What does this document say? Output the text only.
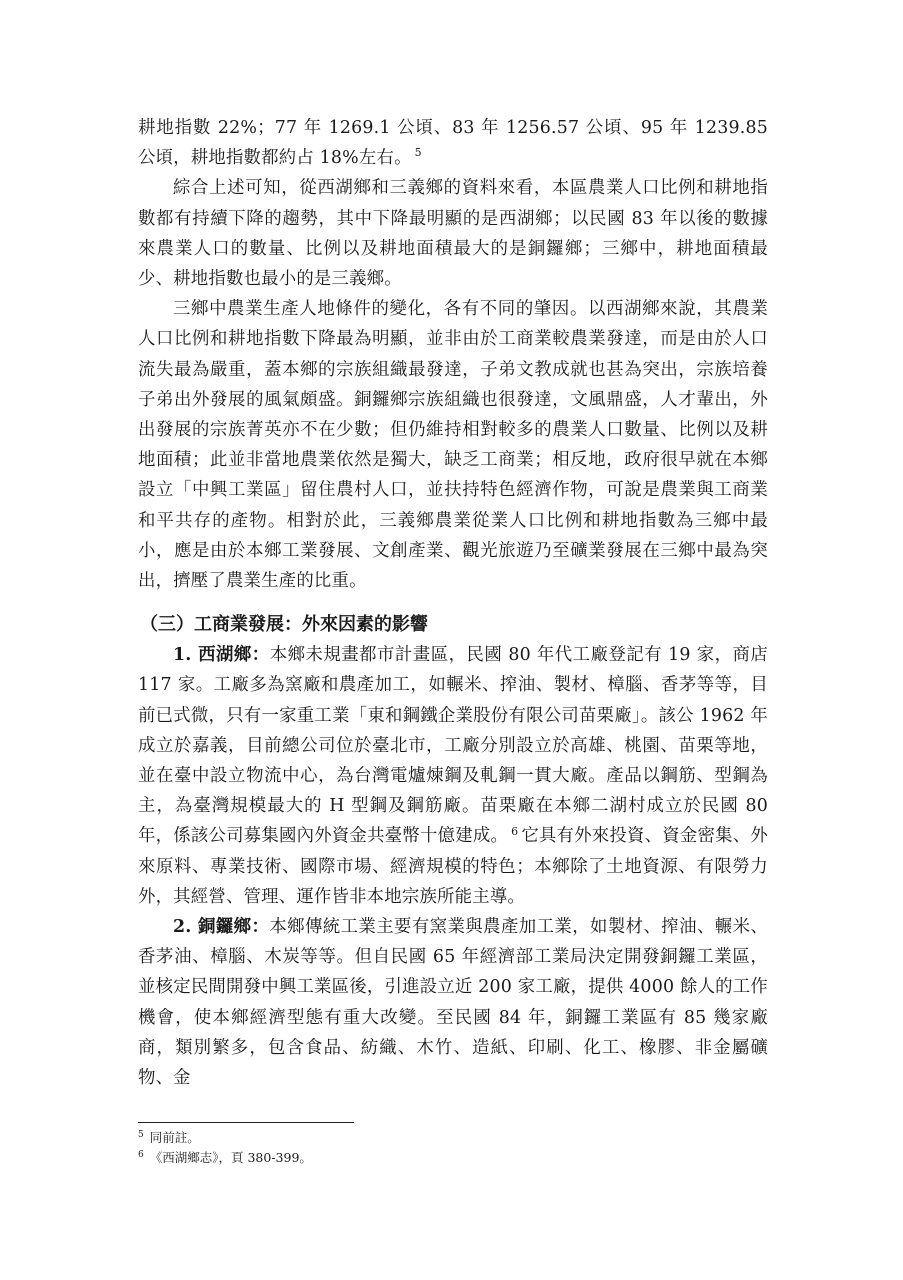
耕地指數 22%；77 年 1269.1 公頃、83 年 1256.57 公頃、95 年 1239.85 公頃，耕地指數都約占 18%左右。 $^5$

綜合上述可知，從西湖鄉和三義鄉的資料來看，本區農業人口比例和耕地指數都有持續下降的趨勢，其中下降最明顯的是西湖鄉；以民國 83 年以後的數據來農業人口的數量、比例以及耕地面積最大的是銅鑼鄉；三鄉中，耕地面積最少、耕地指數也最小的是三義鄉。

三鄉中農業生產人地條件的變化，各有不同的肇因。以西湖鄉來說，其農業人口比例和耕地指數下降最為明顯，並非由於工商業較農業發達，而是由於人口流失最為嚴重，蓋本鄉的宗族組織最發達，子弟文教成就也甚為突出，宗族培養子弟出外發展的風氣頗盛。銅鑼鄉宗族組織也很發達，文風鼎盛，人才輩出，外出發展的宗族菁英亦不在少數；但仍維持相對較多的農業人口數量、比例以及耕地面積；此並非當地農業依然是獨大，缺乏工商業；相反地，政府很早就在本鄉設立「中興工業區」留住農村人口，並扶持特色經濟作物，可說是農業與工商業和平共存的產物。相對於此，三義鄉農業從業人口比例和耕地指數為三鄉中最小，應是由於本鄉工業發展、文創產業、觀光旅遊乃至礦業發展在三鄉中最為突出，擠壓了農業生產的比重。

（三）工商業發展：外來因素的影響

1. 西湖鄉：本鄉未規畫都市計畫區，民國 80 年代工廠登記有 19 家，商店 117 家。工廠多為窯廠和農產加工，如輾米、搾油、製材、樟腦、香茅等等，目前已式微，只有一家重工業「東和鋼鐵企業股份有限公司苗栗廠」。該公 1962 年成立於嘉義，目前總公司位於臺北市，工廠分別設立於高雄、桃園、苗栗等地，並在臺中設立物流中心，為台灣電爐煉鋼及軋鋼一貫大廠。產品以鋼筋、型鋼為主，為臺灣規模最大的 H 型鋼及鋼筋廠。苗栗廠在本鄉二湖村成立於民國 80 年，係該公司募集國內外資金共臺幣十億建成。 $^6$ 它具有外來投資、資金密集、外來原料、專業技術、國際市場、經濟規模的特色；本鄉除了土地資源、有限勞力外，其經營、管理、運作皆非本地宗族所能主導。

2. 銅鑼鄉：本鄉傳統工業主要有窯業與農產加工業，如製材、搾油、輾米、香茅油、樟腦、木炭等等。但自民國 65 年經濟部工業局決定開發銅鑼工業區，並核定民間開發中興工業區後，引進設立近 200 家工廠，提供 4000 餘人的工作機會，使本鄉經濟型態有重大改變。至民國 84 年，銅鑼工業區有 85 幾家廠商，類別繁多，包含食品、紡織、木竹、造紙、印刷、化工、橡膠、非金屬礦物、金

$^5$ 同前註。
$^6$ 《西湖鄉志》，頁 380-399。
